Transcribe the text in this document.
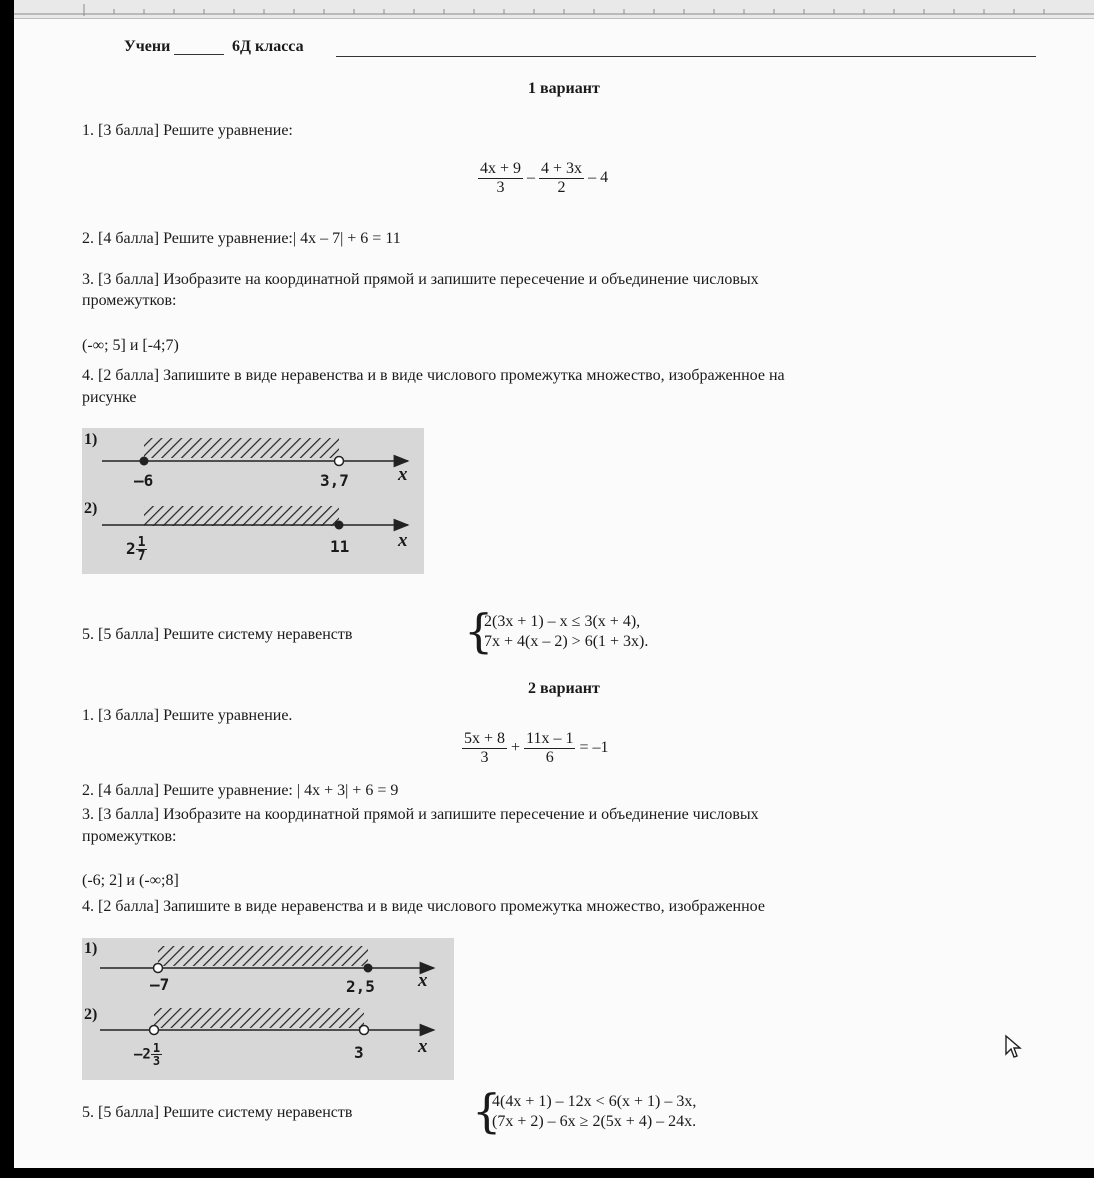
Учени	6Д класса
1 вариант
1. [3 балла] Решите уравнение:
$\frac{4x + 9}{3} - \frac{4 + 3x}{2} - 4$
2. [4 балла] Решите уравнение:| 4x – 7| + 6 = 11
3. [3 балла] Изобразите на координатной прямой и запишите пересечение и объединение числовых
промежутков:
(-∞; 5] и [-4;7)
4. [2 балла] Запишите в виде неравенства и в виде числового промежутка множество, изображенное на
рисунке
1)
–6	3,7	x
2)
$2 \frac{1}{7}$	11	x
5. [5 балла] Решите систему неравенств {
2(3x + 1) – x ≤ 3(x + 4),
7x + 4(x – 2) > 6(1 + 3x).
2 вариант
1. [3 балла] Решите уравнение.
$\frac{5x + 8}{3} + \frac{11x - 1}{6} = -1$
2. [4 балла] Решите уравнение: | 4x + 3| + 6 = 9
3. [3 балла] Изобразите на координатной прямой и запишите пересечение и объединение числовых
промежутков:
(-6; 2] и (-∞;8]
4. [2 балла] Запишите в виде неравенства и в виде числового промежутка множество, изображенное
1)
–7	2,5 x
2)
$-2 \frac{1}{3}$	3	x
5. [5 балла] Решите систему неравенств	{
4(4x + 1) – 12x < 6(x + 1) – 3x,
(7x + 2) – 6x ≥ 2(5x + 4) – 24x.
